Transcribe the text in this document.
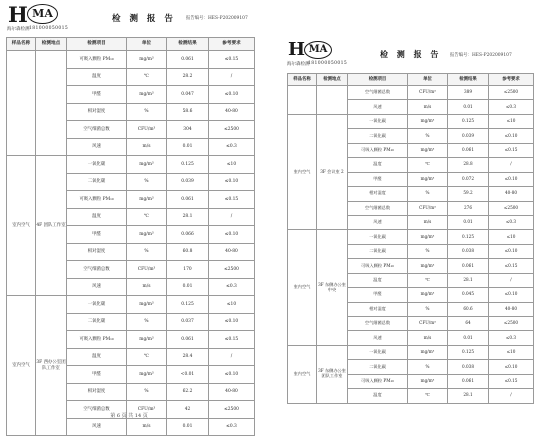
H MA
海尔森检测 181000050015
检 测 报 告 报告编号：HES-P202009107
样品名称	检测地点	检测项目	单位	检测结果	参考要求
		可吸入颗粒 PM₁₀	mg/m³	0.061	≤0.15
		温度	℃	28.2	/
		甲醛	mg/m³	0.047	≤0.10
		相对湿度	%	58.6	40-80
		空气细菌总数	CFU/m³	304	≤2500
		风速	m/s	0.01	≤0.3
室内空气	4F 团队工作室	一氧化碳	mg/m³	0.125	≤10
		二氧化碳	%	0.039	≤0.10
		可吸入颗粒 PM₁₀	mg/m³	0.061	≤0.15
		温度	℃	28.1	/
		甲醛	mg/m³	0.066	≤0.10
		相对湿度	%	60.8	40-80
		空气细菌总数	CFU/m³	170	≤2500
		风速	m/s	0.01	≤0.3
室内空气	3F 西办公室团队工作室	一氧化碳	mg/m³	0.125	≤10
		二氧化碳	%	0.037	≤0.10
		可吸入颗粒 PM₁₀	mg/m³	0.061	≤0.15
		温度	℃	28.4	/
		甲醛	mg/m³	<0.01	≤0.10
		相对湿度	%	62.2	40-80
		空气细菌总数	CFU/m³	42	≤2500
		风速	m/s	0.01	≤0.3
第 6 页 共 14 页
H MA
海尔森检测
181000050015
检 测 报 告 报告编号：HES-P202009107
样品名称	检测地点	检测项目	单位	检测结果	参考要求
		空气细菌总数	CFU/m³	389	≤2500
		风速	m/s	0.01	≤0.3
室内空气	3F 会议室 2	一氧化碳	mg/m³	0.125	≤10
		二氧化碳	%	0.039	≤0.10
		可吸入颗粒 PM₁₀	mg/m³	0.061	≤0.15
		温度	℃	28.8	/
		甲醛	mg/m³	0.072	≤0.10
		相对湿度	%	59.2	40-80
		空气细菌总数	CFU/m³	276	≤2500
		风速	m/s	0.01	≤0.3
室内空气	3F 东侧办公室中央	一氧化碳	mg/m³	0.125	≤10
		二氧化碳	%	0.038	≤0.10
		可吸入颗粒 PM₁₀	mg/m³	0.061	≤0.15
		温度	℃	28.1	/
		甲醛	mg/m³	0.045	≤0.10
		相对湿度	%	60.6	40-80
		空气细菌总数	CFU/m³	64	≤2500
		风速	m/s	0.01	≤0.3
室内空气	3F 东侧办公室团队工作室	一氧化碳	mg/m³	0.125	≤10
		二氧化碳	%	0.038	≤0.10
		可吸入颗粒 PM₁₀	mg/m³	0.061	≤0.15
		温度	℃	28.1	/
